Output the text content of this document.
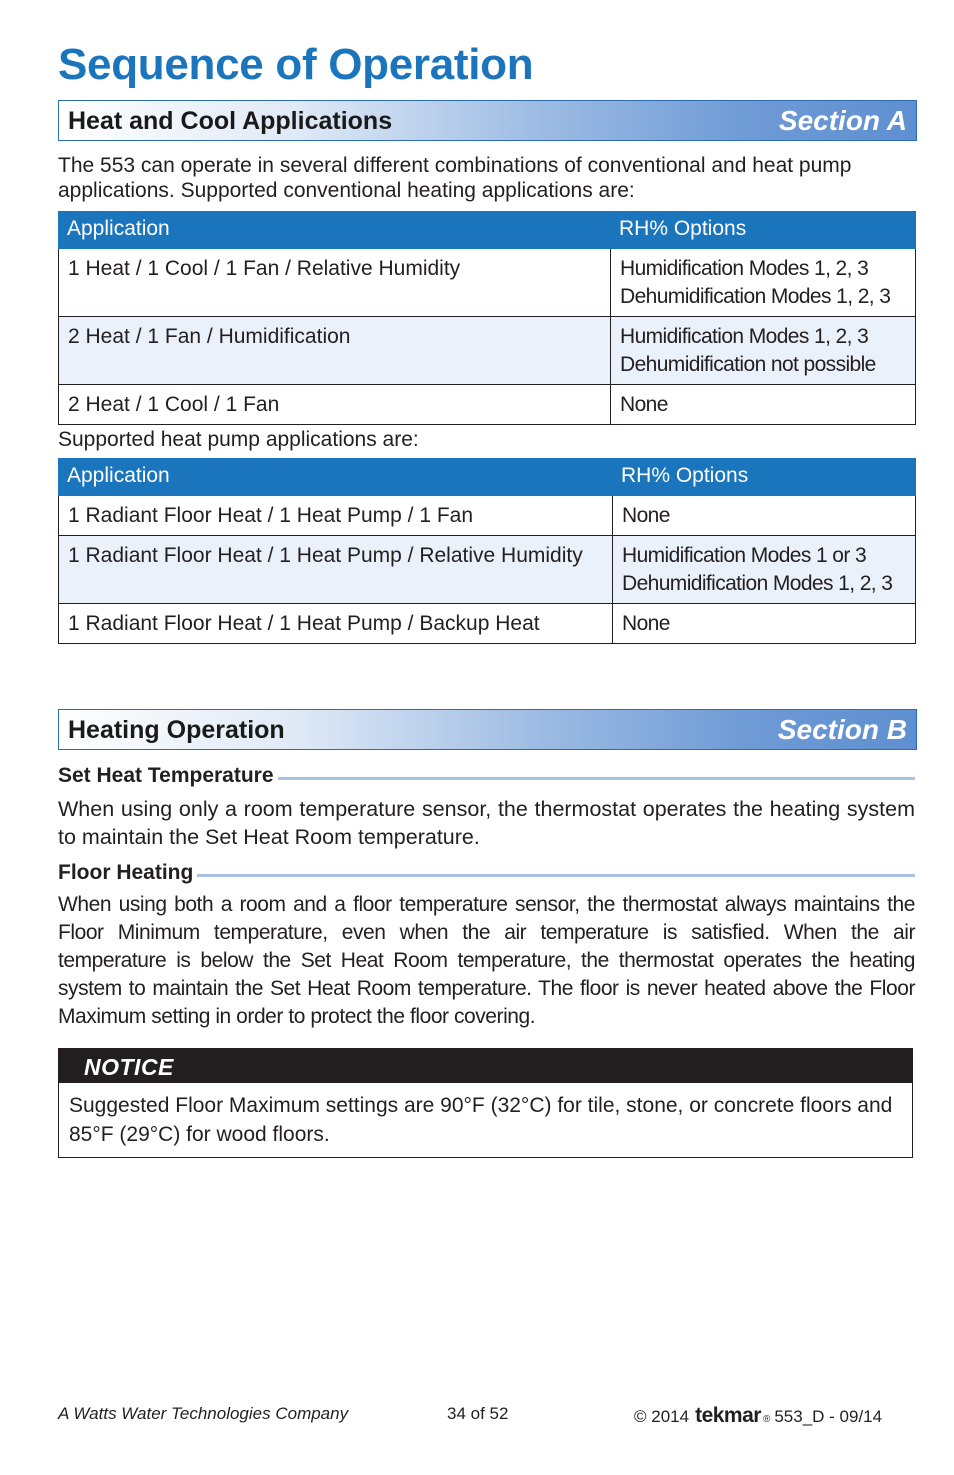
Sequence of Operation
Heat and Cool Applications	Section A

The 553 can operate in several different combinations of conventional and heat pump applications. Supported conventional heating applications are:

Application	RH% Options
1 Heat / 1 Cool / 1 Fan / Relative Humidity	Humidification Modes 1, 2, 3
Dehumidification Modes 1, 2, 3

2 Heat / 1 Fan / Humidification	Humidification Modes 1, 2, 3
Dehumidification not possible

2 Heat / 1 Cool / 1 Fan	None

Supported heat pump applications are:

Application	RH% Options
1 Radiant Floor Heat / 1 Heat Pump / 1 Fan	None

1 Radiant Floor Heat / 1 Heat Pump / Relative Humidity	Humidification Modes 1 or 3
Dehumidification Modes 1, 2, 3

1 Radiant Floor Heat / 1 Heat Pump / Backup Heat	None
Heating Operation	Section B
Set Heat Temperature

When using only a room temperature sensor, the thermostat operates the heating system to maintain the Set Heat Room temperature.

Floor Heating

When using both a room and a floor temperature sensor, the thermostat always maintains the Floor Minimum temperature, even when the air temperature is satisfied. When the air temperature is below the Set Heat Room temperature, the thermostat operates the heating system to maintain the Set Heat Room temperature. The floor is never heated above the Floor Maximum setting in order to protect the floor covering.

NOTICE

Suggested Floor Maximum settings are 90°F (32°C) for tile, stone, or concrete floors and 85°F (29°C) for wood floors.

A Watts Water Technologies Company	34 of 52	© 2014 tekmar ® 553_D - 09/14
